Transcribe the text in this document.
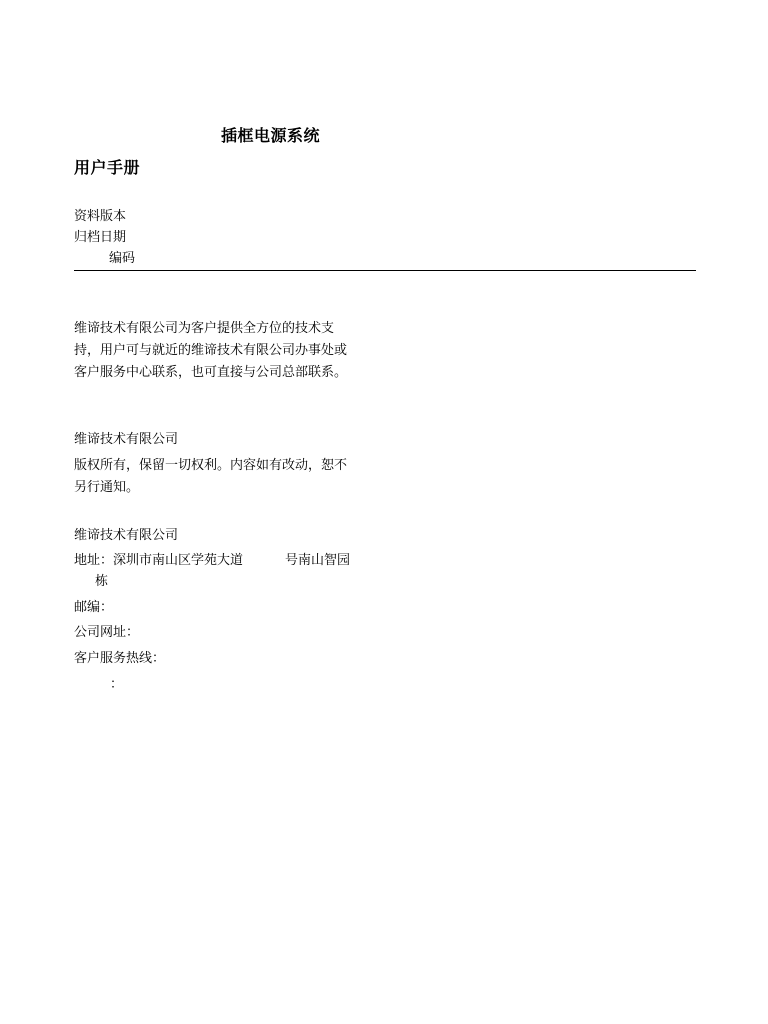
插框电源系统
用户手册
资料版本
归档日期
编码
维谛技术有限公司为客户提供全方位的技术支持，用户可与就近的维谛技术有限公司办事处或客户服务中心联系，也可直接与公司总部联系。
维谛技术有限公司
版权所有，保留一切权利。内容如有改动，恕不另行通知。
维谛技术有限公司
地址：深圳市南山区学苑大道	号南山智园
栋
邮编：
公司网址：
客户服务热线：
：
